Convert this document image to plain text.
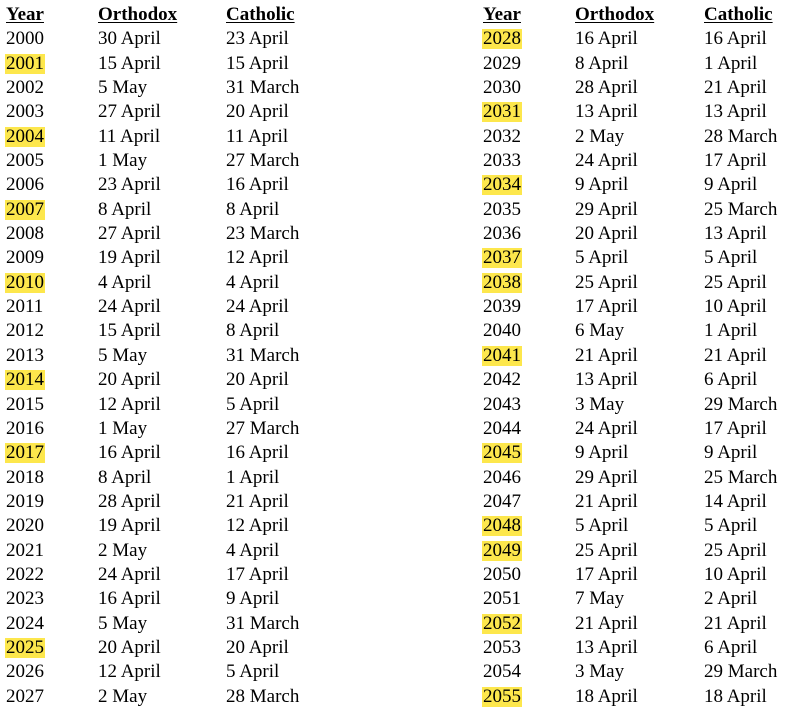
Year	Orthodox	Catholic
2000	30 April	23 April
2001	15 April	15 April
2002	5 May	31 March
2003	27 April	20 April
2004	11 April	11 April
2005	1 May	27 March
2006	23 April	16 April
2007	8 April	8 April
2008	27 April	23 March
2009	19 April	12 April
2010	4 April	4 April
2011	24 April	24 April
2012	15 April	8 April
2013	5 May	31 March
2014	20 April	20 April
2015	12 April	5 April
2016	1 May	27 March
2017	16 April	16 April
2018	8 April	1 April
2019	28 April	21 April
2020	19 April	12 April
2021	2 May	4 April
2022	24 April	17 April
2023	16 April	9 April
2024	5 May	31 March
2025	20 April	20 April
2026	12 April	5 April
2027	2 May	28 March
Year	Orthodox	Catholic
2028	16 April	16 April
2029	8 April	1 April
2030	28 April	21 April
2031	13 April	13 April
2032	2 May	28 March
2033	24 April	17 April
2034	9 April	9 April
2035	29 April	25 March
2036	20 April	13 April
2037	5 April	5 April
2038	25 April	25 April
2039	17 April	10 April
2040	6 May	1 April
2041	21 April	21 April
2042	13 April	6 April
2043	3 May	29 March
2044	24 April	17 April
2045	9 April	9 April
2046	29 April	25 March
2047	21 April	14 April
2048	5 April	5 April
2049	25 April	25 April
2050	17 April	10 April
2051	7 May	2 April
2052	21 April	21 April
2053	13 April	6 April
2054	3 May	29 March
2055	18 April	18 April
